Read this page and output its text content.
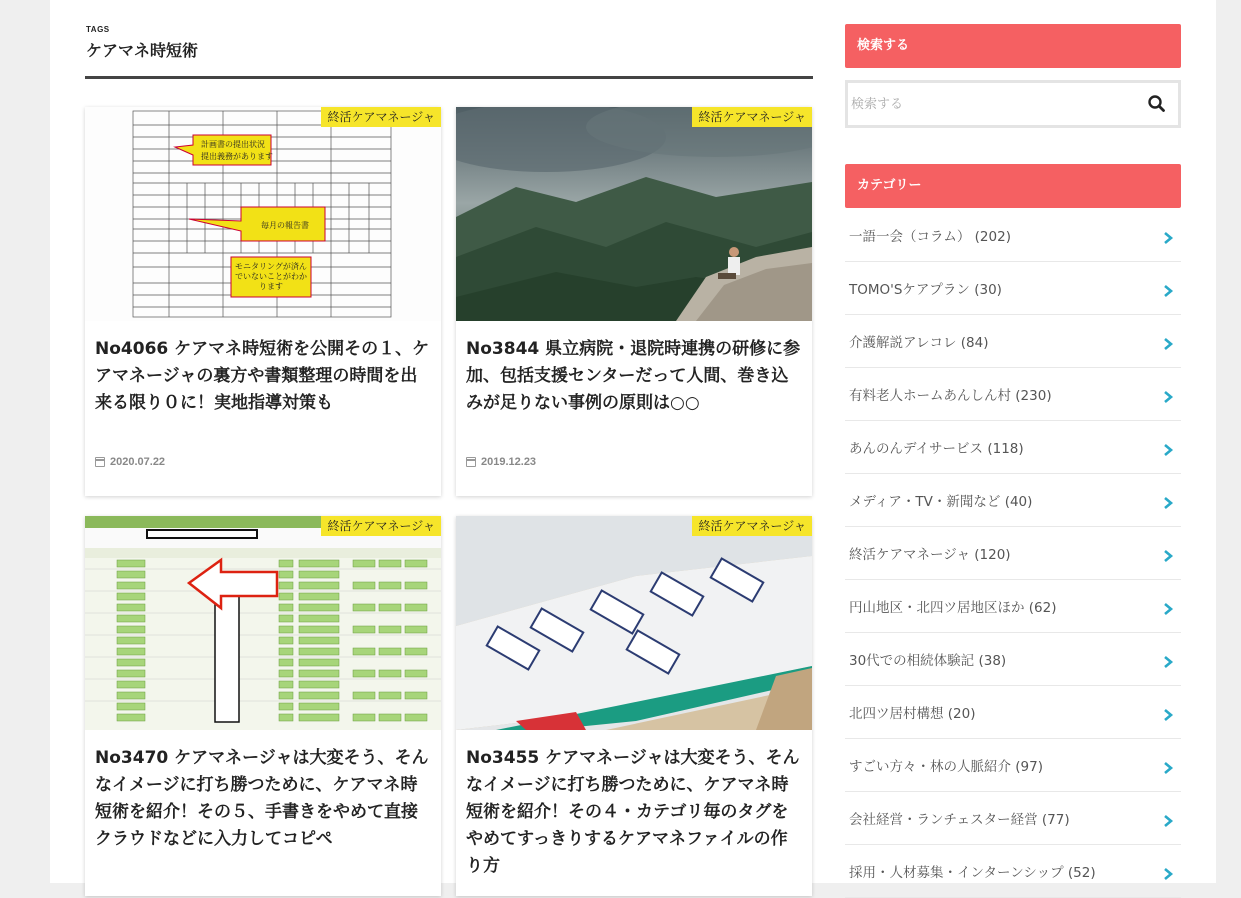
TAGS
ケアマネ時短術
計画書の提出状況
提出義務があります
毎月の報告書
モニタリングが済ん
でいないことがわか
ります
終活ケアマネージャ
No4066 ケアマネ時短術を公開その１、ケアマネージャの裏方や書類整理の時間を出来る限り０に！実地指導対策も
2020.07.22
終活ケアマネージャ
No3844 県立病院・退院時連携の研修に参加、包括支援センターだって人間、巻き込みが足りない事例の原則は○○
2019.12.23
終活ケアマネージャ
No3470 ケアマネージャは大変そう、そんなイメージに打ち勝つために、ケアマネ時短術を紹介！その５、手書きをやめて直接クラウドなどに入力してコピペ
終活ケアマネージャ
No3455 ケアマネージャは大変そう、そんなイメージに打ち勝つために、ケアマネ時短術を紹介！その４・カテゴリ毎のタグをやめてすっきりするケアマネファイルの作り方
検索する
検索する
カテゴリー
一語一会（コラム） (202)
TOMO'Sケアプラン (30)
介護解説アレコレ (84)
有料老人ホームあんしん村 (230)
あんのんデイサービス (118)
メディア・TV・新聞など (40)
終活ケアマネージャ (120)
円山地区・北四ツ居地区ほか (62)
30代での相続体験記 (38)
北四ツ居村構想 (20)
すごい方々・林の人脈紹介 (97)
会社経営・ランチェスター経営 (77)
採用・人材募集・インターンシップ (52)
